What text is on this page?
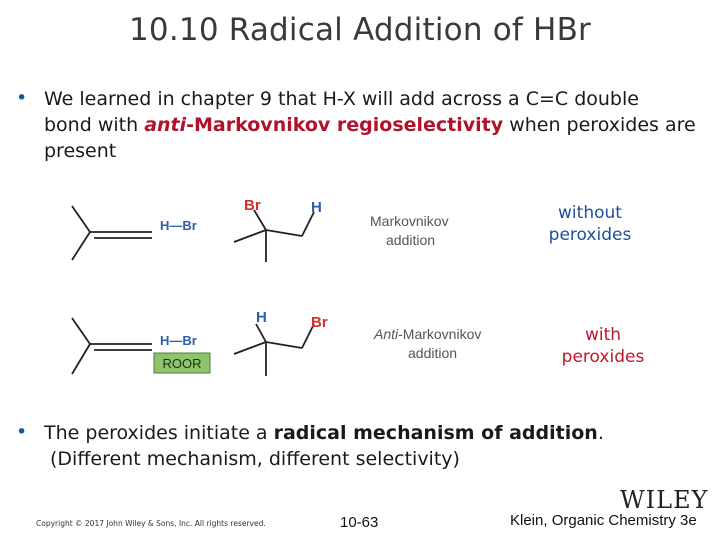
10.10 Radical Addition of HBr
• We learned in chapter 9 that H-X will add across a C=C double
bond with anti-Markovnikov regioselectivity when peroxides are
present
H—Br
Br	H
Markovnikov
addition
H—Br
ROOR
H	Br
Anti-Markovnikov
addition
without
peroxides
with
peroxides
• The peroxides initiate a radical mechanism of addition.
(Different mechanism, different selectivity)
Copyright © 2017 John Wiley & Sons, Inc. All rights reserved.	10-63
WILEY
Klein, Organic Chemistry 3e
